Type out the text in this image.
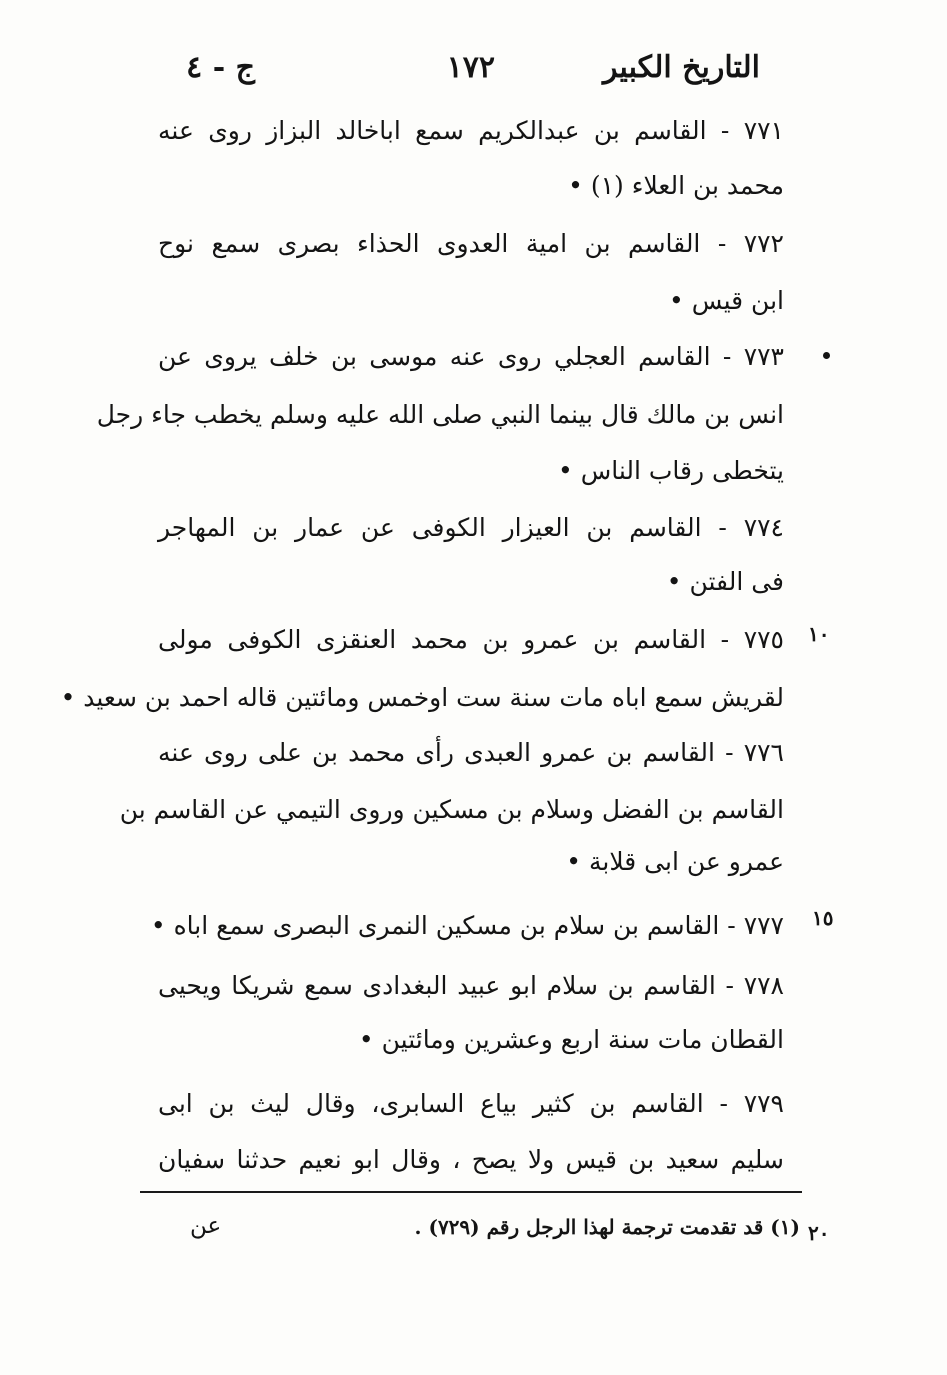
التاريخ الكبير
١٧٢
ج - ٤
٧٧١ - القاسم بن عبدالكريم سمع اباخالد البزاز روى عنه
محمد بن العلاء (١) •
٧٧٢ - القاسم بن امية العدوى الحذاء بصرى سمع نوح
ابن قيس •
٧٧٣ - القاسم العجلي روى عنه موسى بن خلف يروى عن
انس بن مالك قال بينما النبي صلى الله عليه وسلم يخطب جاء رجل
يتخطى رقاب الناس •
٧٧٤ - القاسم بن العيزار الكوفى عن عمار بن المهاجر
فى الفتن •
٧٧٥ - القاسم بن عمرو بن محمد العنقزى الكوفى مولى
لقريش سمع اباه مات سنة ست اوخمس ومائتين قاله احمد بن سعيد •
٧٧٦ - القاسم بن عمرو العبدى رأى محمد بن على روى عنه
القاسم بن الفضل وسلام بن مسكين وروى التيمي عن القاسم بن
عمرو عن ابى قلابة •
٧٧٧ - القاسم بن سلام بن مسكين النمرى البصرى سمع اباه •
٧٧٨ - القاسم بن سلام ابو عبيد البغدادى سمع شريكا ويحيى
القطان مات سنة اربع وعشرين ومائتين •
٧٧٩ - القاسم بن كثير بياع السابرى، وقال ليث بن ابى
سليم سعيد بن قيس ولا يصح ، وقال ابو نعيم حدثنا سفيان
١٠
١٥
٢٠
(١) قد تقدمت ترجمة لهذا الرجل رقم (٧٢٩) .
عن
